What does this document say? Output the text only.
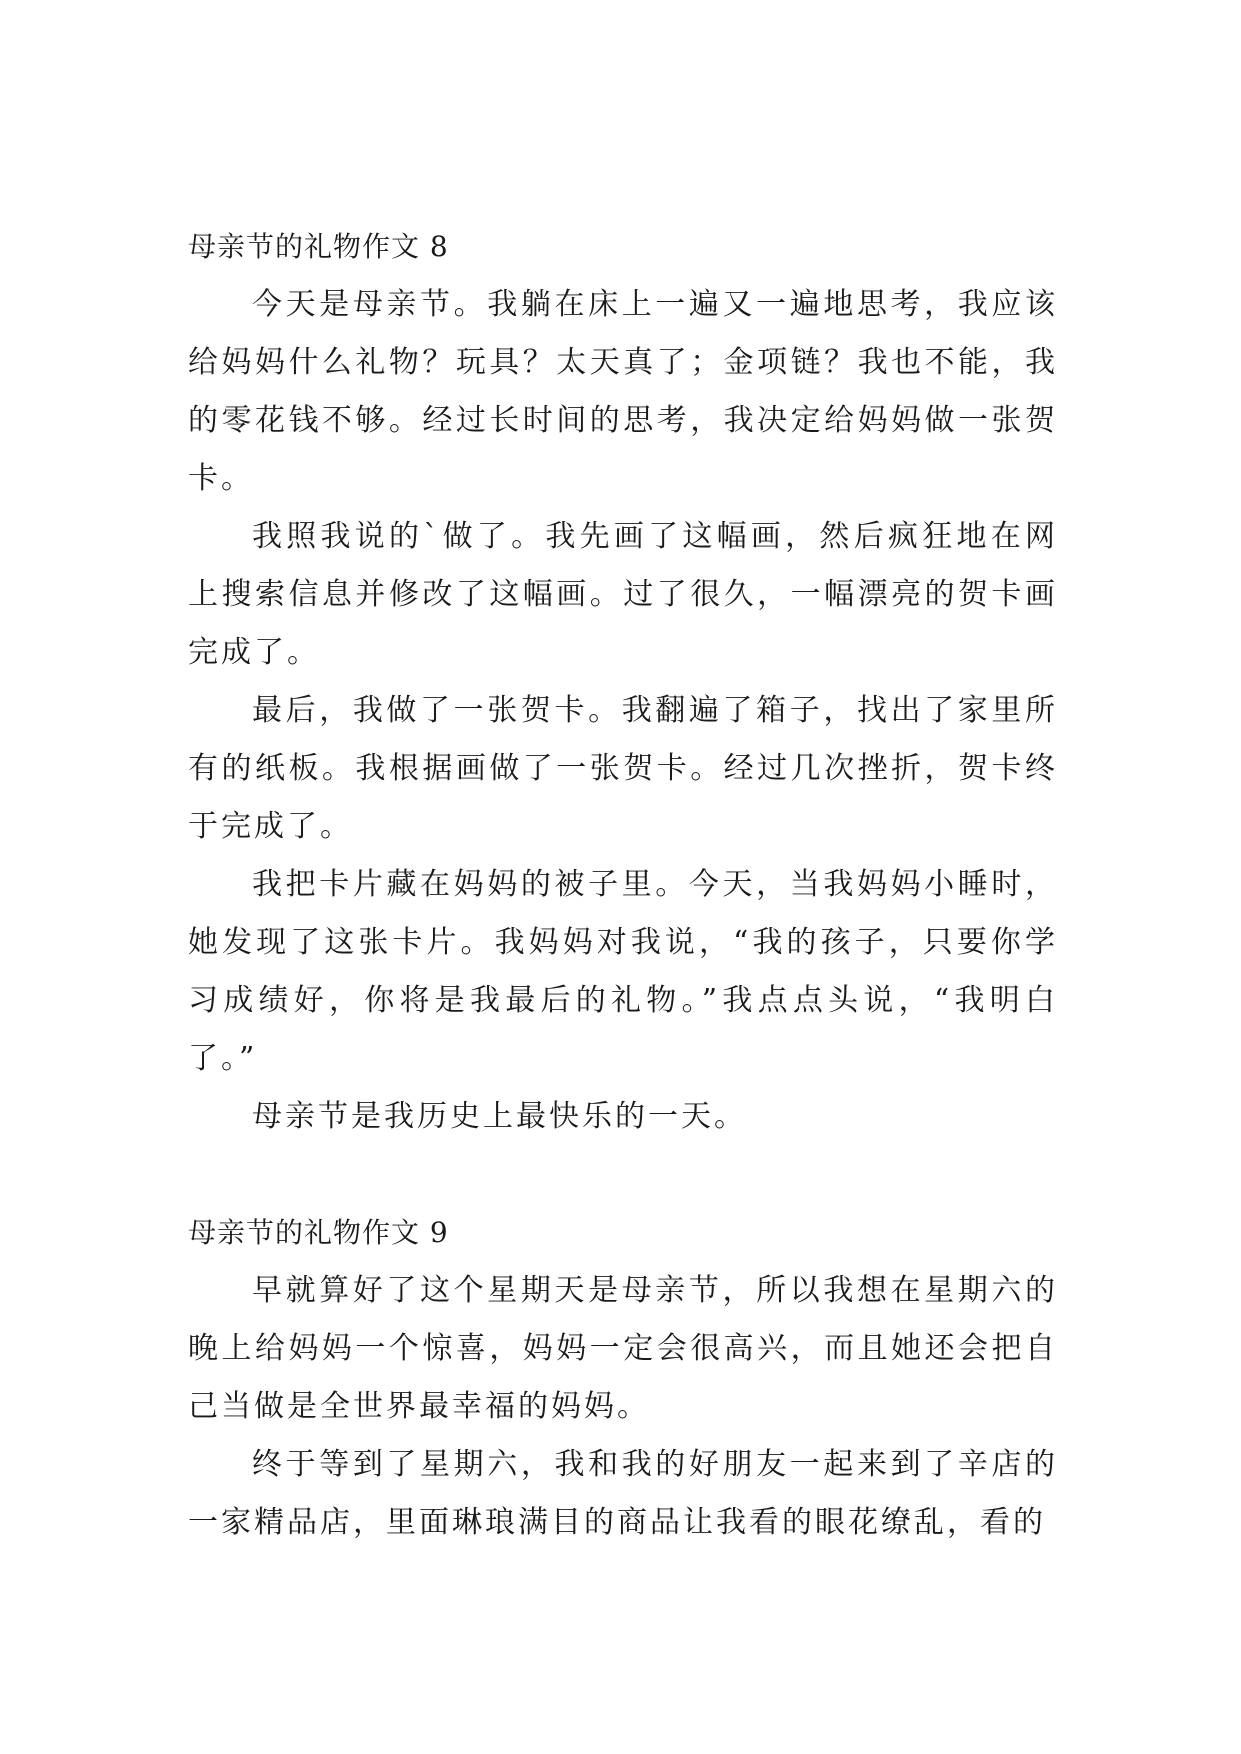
母亲节的礼物作文 8

今天是母亲节。我躺在床上一遍又一遍地思考，我应该给妈妈什么礼物？玩具？太天真了；金项链？我也不能，我的零花钱不够。经过长时间的思考，我决定给妈妈做一张贺卡。

我照我说的`做了。我先画了这幅画，然后疯狂地在网上搜索信息并修改了这幅画。过了很久，一幅漂亮的贺卡画完成了。

最后，我做了一张贺卡。我翻遍了箱子，找出了家里所有的纸板。我根据画做了一张贺卡。经过几次挫折，贺卡终于完成了。

我把卡片藏在妈妈的被子里。今天，当我妈妈小睡时，她发现了这张卡片。我妈妈对我说，“我的孩子，只要你学习成绩好，你将是我最后的礼物。”我点点头说，“我明白了。”

母亲节是我历史上最快乐的一天。

母亲节的礼物作文 9

早就算好了这个星期天是母亲节，所以我想在星期六的晚上给妈妈一个惊喜，妈妈一定会很高兴，而且她还会把自己当做是全世界最幸福的妈妈。

终于等到了星期六，我和我的好朋友一起来到了辛店的一家精品店，里面琳琅满目的商品让我看的眼花缭乱，看的
